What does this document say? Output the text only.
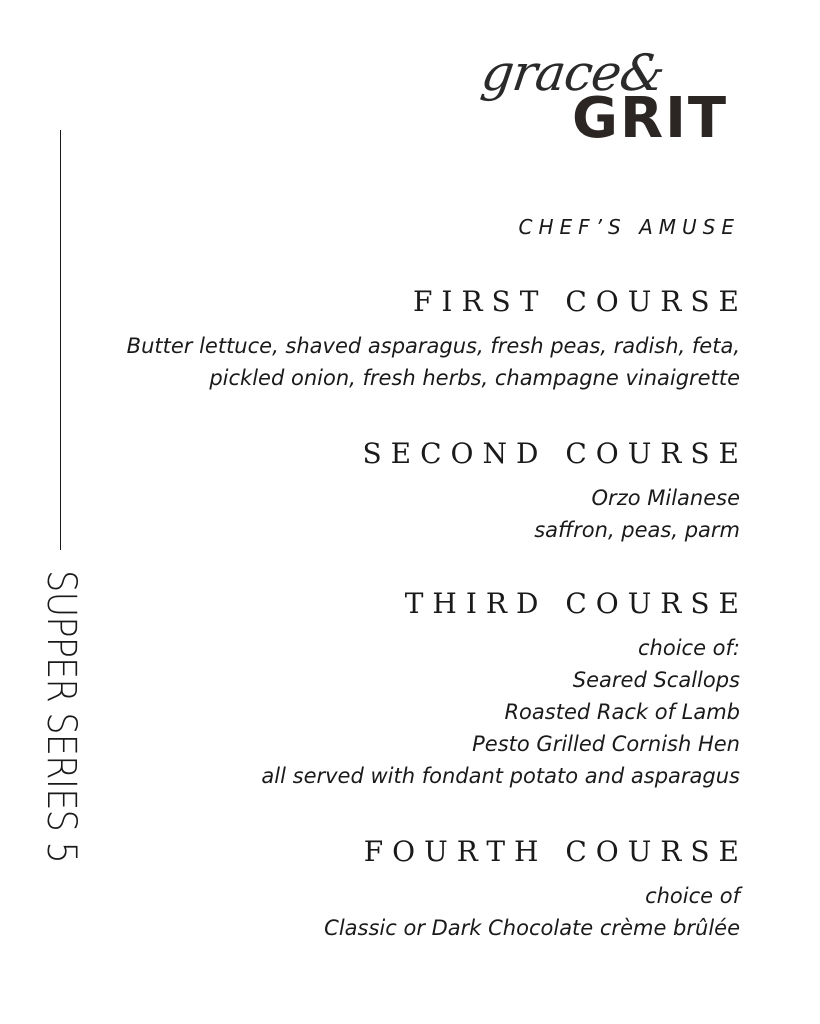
grace&
GRIT
SUPPER SERIES 5
CHEF’S AMUSE
FIRST COURSE
Butter lettuce, shaved asparagus, fresh peas, radish, feta,
pickled onion, fresh herbs, champagne vinaigrette
SECOND COURSE
Orzo Milanese
saffron, peas, parm
THIRD COURSE
choice of:
Seared Scallops
Roasted Rack of Lamb
Pesto Grilled Cornish Hen
all served with fondant potato and asparagus
FOURTH COURSE
choice of
Classic or Dark Chocolate crème brûlée
